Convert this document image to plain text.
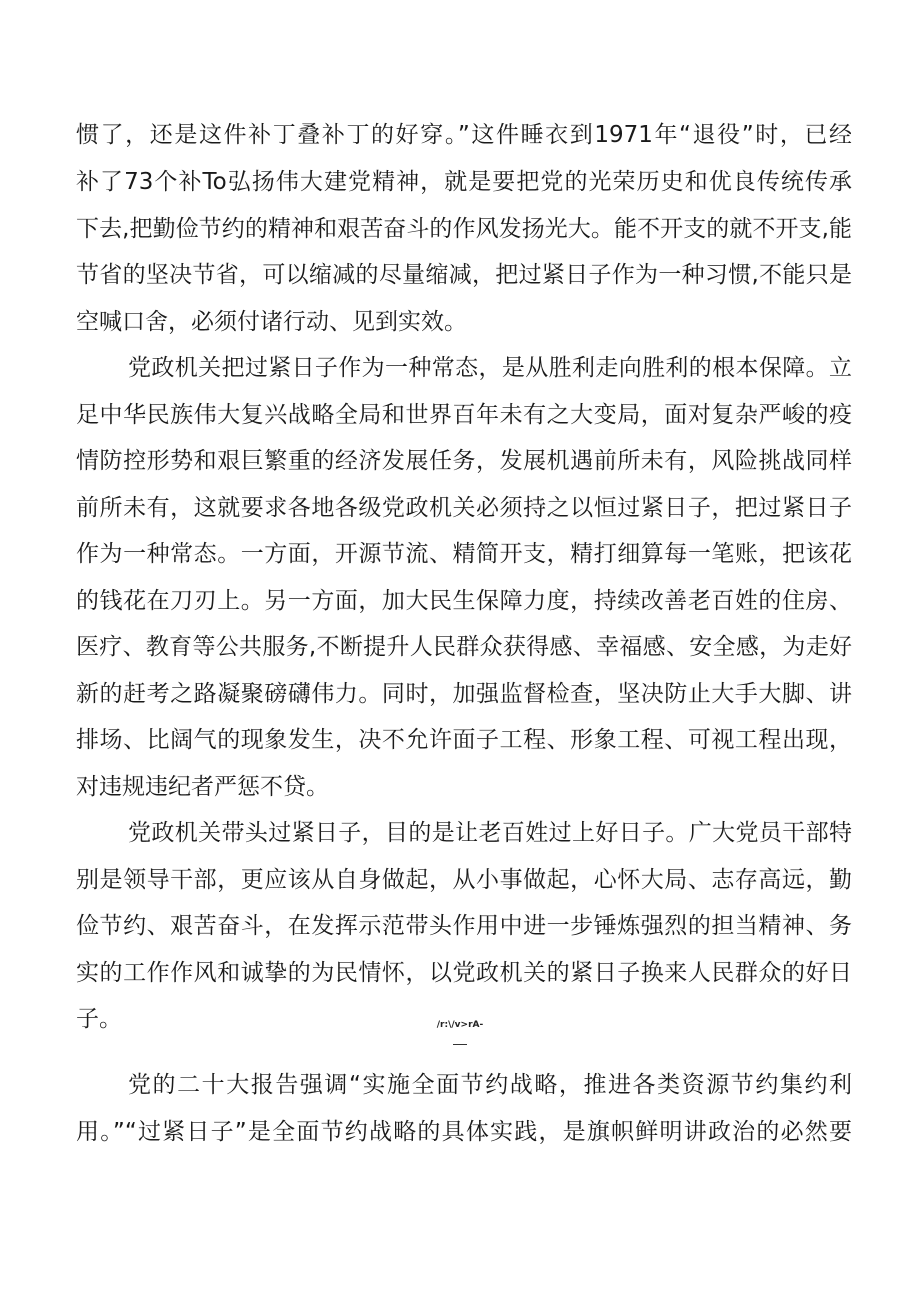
惯了，还是这件补丁叠补丁的好穿。”这件睡衣到1971年“退役”时，已经
补了73个补To弘扬伟大建党精神，就是要把党的光荣历史和优良传统传承
下去,把勤俭节约的精神和艰苦奋斗的作风发扬光大。能不开支的就不开支,能
节省的坚决节省，可以缩减的尽量缩减，把过紧日子作为一种习惯,不能只是
空喊口舍，必须付诸行动、见到实效。
党政机关把过紧日子作为一种常态，是从胜利走向胜利的根本保障。立
足中华民族伟大复兴战略全局和世界百年未有之大变局，面对复杂严峻的疫
情防控形势和艰巨繁重的经济发展任务，发展机遇前所未有，风险挑战同样
前所未有，这就要求各地各级党政机关必须持之以恒过紧日子，把过紧日子
作为一种常态。一方面，开源节流、精简开支，精打细算每一笔账，把该花
的钱花在刀刃上。另一方面，加大民生保障力度，持续改善老百姓的住房、
医疗、教育等公共服务,不断提升人民群众获得感、幸福感、安全感，为走好
新的赶考之路凝聚磅礴伟力。同时，加强监督检查，坚决防止大手大脚、讲
排场、比阔气的现象发生，决不允许面子工程、形象工程、可视工程出现，
对违规违纪者严惩不贷。
党政机关带头过紧日子，目的是让老百姓过上好日子。广大党员干部特
别是领导干部，更应该从自身做起，从小事做起，心怀大局、志存高远，勤
俭节约、艰苦奋斗，在发挥示范带头作用中进一步锤炼强烈的担当精神、务
实的工作作风和诚挚的为民情怀，以党政机关的紧日子换来人民群众的好日
子。	/r:\/v>rA-
党的二十大报告强调“实施全面节约战略，推进各类资源节约集约利
用。”“过紧日子”是全面节约战略的具体实践，是旗帜鲜明讲政治的必然要
